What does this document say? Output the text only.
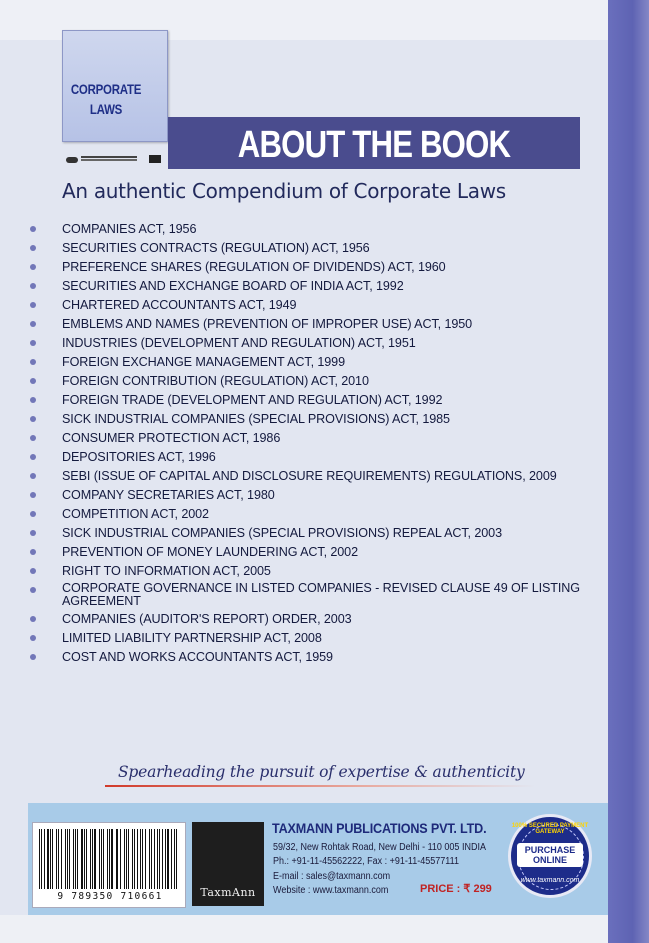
CORPORATE
LAWS
ABOUT THE BOOK
An authentic Compendium of Corporate Laws
COMPANIES ACT, 1956
SECURITIES CONTRACTS (REGULATION) ACT, 1956
PREFERENCE SHARES (REGULATION OF DIVIDENDS) ACT, 1960
SECURITIES AND EXCHANGE BOARD OF INDIA ACT, 1992
CHARTERED ACCOUNTANTS ACT, 1949
EMBLEMS AND NAMES (PREVENTION OF IMPROPER USE) ACT, 1950
INDUSTRIES (DEVELOPMENT AND REGULATION) ACT, 1951
FOREIGN EXCHANGE MANAGEMENT ACT, 1999
FOREIGN CONTRIBUTION (REGULATION) ACT, 2010
FOREIGN TRADE (DEVELOPMENT AND REGULATION) ACT, 1992
SICK INDUSTRIAL COMPANIES (SPECIAL PROVISIONS) ACT, 1985
CONSUMER PROTECTION ACT, 1986
DEPOSITORIES ACT, 1996
SEBI (ISSUE OF CAPITAL AND DISCLOSURE REQUIREMENTS) REGULATIONS, 2009
COMPANY SECRETARIES ACT, 1980
COMPETITION ACT, 2002
SICK INDUSTRIAL COMPANIES (SPECIAL PROVISIONS) REPEAL ACT, 2003
PREVENTION OF MONEY LAUNDERING ACT, 2002
RIGHT TO INFORMATION ACT, 2005
CORPORATE GOVERNANCE IN LISTED COMPANIES - REVISED CLAUSE 49 OF LISTING AGREEMENT
COMPANIES (AUDITOR'S REPORT) ORDER, 2003
LIMITED LIABILITY PARTNERSHIP ACT, 2008
COST AND WORKS ACCOUNTANTS ACT, 1959
Spearheading the pursuit of expertise & authenticity
9 789350 710661	TaxmAnn
TAXMANN PUBLICATIONS PVT. LTD.
59/32, New Rohtak Road, New Delhi - 110 005 INDIA
Ph.: +91-11-45562222, Fax : +91-11-45577111
E-mail : sales@taxmann.com
Website : www.taxmann.com	PRICE : ₹ 299
100% SECURED PAYMENT GATEWAY
PURCHASE ONLINE
www.taxmann.com
